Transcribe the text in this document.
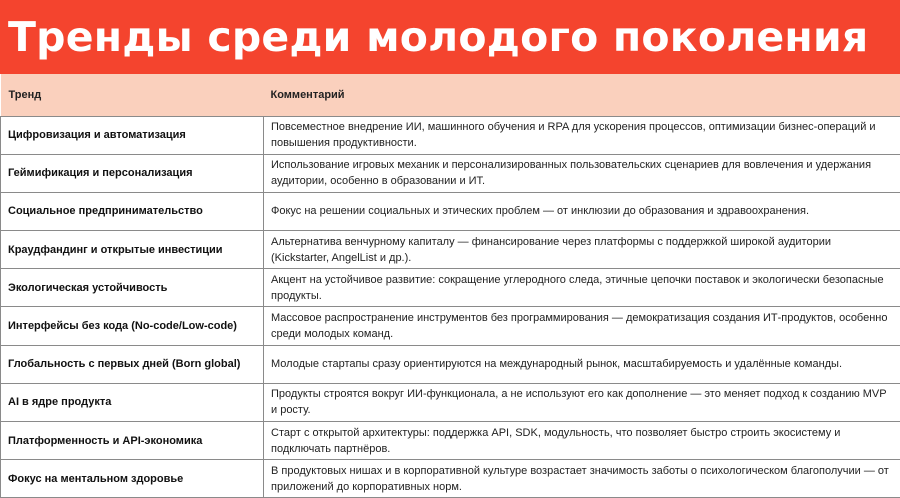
Тренды среди молодого поколения
Тренд	Комментарий
Цифровизация и автоматизация	Повсеместное внедрение ИИ, машинного обучения и RPA для ускорения процессов, оптимизации бизнес-операций и повышения продуктивности.
Геймификация и персонализация	Использование игровых механик и персонализированных пользовательских сценариев для вовлечения и удержания аудитории, особенно в образовании и ИТ.
Социальное предпринимательство	Фокус на решении социальных и этических проблем — от инклюзии до образования и здравоохранения.
Краудфандинг и открытые инвестиции	Альтернатива венчурному капиталу — финансирование через платформы с поддержкой широкой аудитории (Kickstarter, AngelList и др.).
Экологическая устойчивость	Акцент на устойчивое развитие: сокращение углеродного следа, этичные цепочки поставок и экологически безопасные продукты.
Интерфейсы без кода (No-code/Low-code)	Массовое распространение инструментов без программирования — демократизация создания ИТ-продуктов, особенно среди молодых команд.
Глобальность с первых дней (Born global)	Молодые стартапы сразу ориентируются на международный рынок, масштабируемость и удалённые команды.
AI в ядре продукта	Продукты строятся вокруг ИИ-функционала, а не используют его как дополнение — это меняет подход к созданию MVP и росту.
Платформенность и API-экономика	Старт с открытой архитектуры: поддержка API, SDK, модульность, что позволяет быстро строить экосистему и подключать партнёров.
Фокус на ментальном здоровье	В продуктовых нишах и в корпоративной культуре возрастает значимость заботы о психологическом благополучии — от приложений до корпоративных норм.
